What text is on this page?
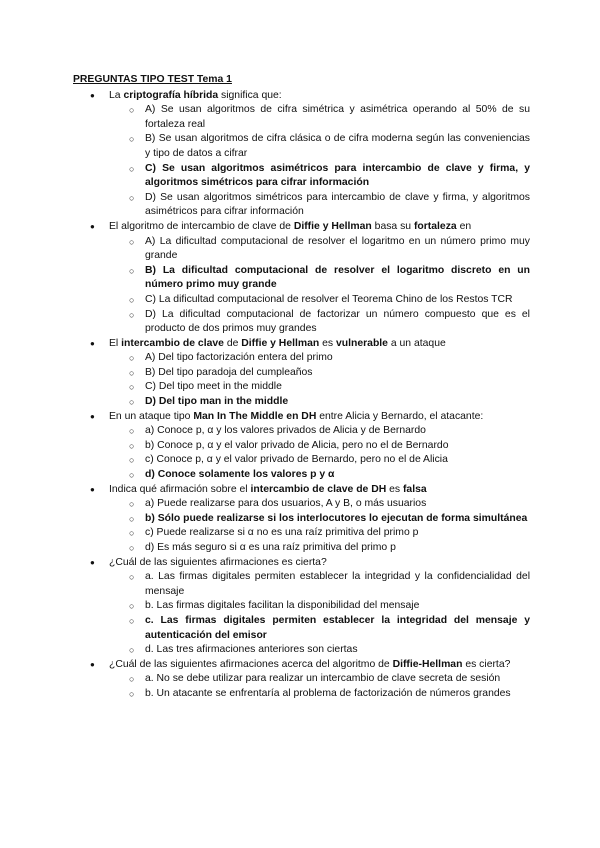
PREGUNTAS TIPO TEST Tema 1
● La criptografía híbrida significa que:
○ A) Se usan algoritmos de cifra simétrica y asimétrica operando al 50% de su fortaleza real
○ B) Se usan algoritmos de cifra clásica o de cifra moderna según las conveniencias y tipo de datos a cifrar
○ C) Se usan algoritmos asimétricos para intercambio de clave y firma, y algoritmos simétricos para cifrar información
○ D) Se usan algoritmos simétricos para intercambio de clave y firma, y algoritmos asimétricos para cifrar información
● El algoritmo de intercambio de clave de Diffie y Hellman basa su fortaleza en
○ A) La dificultad computacional de resolver el logaritmo en un número primo muy grande
○ B) La dificultad computacional de resolver el logaritmo discreto en un número primo muy grande
○ C) La dificultad computacional de resolver el Teorema Chino de los Restos TCR
○ D) La dificultad computacional de factorizar un número compuesto que es el producto de dos primos muy grandes
● El intercambio de clave de Diffie y Hellman es vulnerable a un ataque
○ A) Del tipo factorización entera del primo
○ B) Del tipo paradoja del cumpleaños
○ C) Del tipo meet in the middle
○ D) Del tipo man in the middle
● En un ataque tipo Man In The Middle en DH entre Alicia y Bernardo, el atacante:
○ a) Conoce p, α y los valores privados de Alicia y de Bernardo
○ b) Conoce p, α y el valor privado de Alicia, pero no el de Bernardo
○ c) Conoce p, α y el valor privado de Bernardo, pero no el de Alicia
○ d) Conoce solamente los valores p y α
● Indica qué afirmación sobre el intercambio de clave de DH es falsa
○ a) Puede realizarse para dos usuarios, A y B, o más usuarios
○ b) Sólo puede realizarse si los interlocutores lo ejecutan de forma simultánea
○ c) Puede realizarse si α no es una raíz primitiva del primo p
○ d) Es más seguro si α es una raíz primitiva del primo p
● ¿Cuál de las siguientes afirmaciones es cierta?
○ a. Las firmas digitales permiten establecer la integridad y la confidencialidad del mensaje
○ b. Las firmas digitales facilitan la disponibilidad del mensaje
○ c. Las firmas digitales permiten establecer la integridad del mensaje y autenticación del emisor
○ d. Las tres afirmaciones anteriores son ciertas
● ¿Cuál de las siguientes afirmaciones acerca del algoritmo de Diffie-Hellman es cierta?
○ a. No se debe utilizar para realizar un intercambio de clave secreta de sesión
○ b. Un atacante se enfrentaría al problema de factorización de números grandes
